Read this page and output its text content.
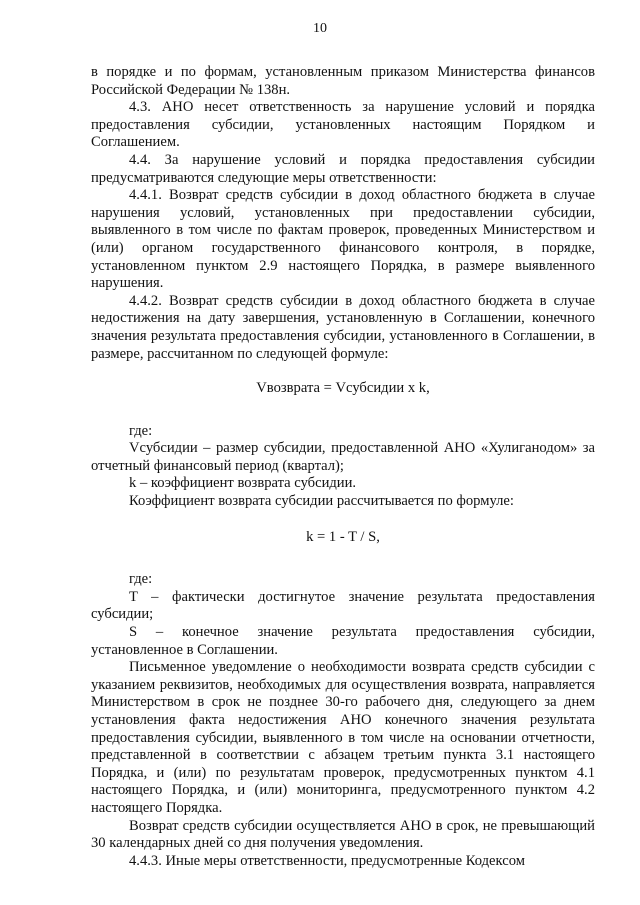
10

в порядке и по формам, установленным приказом Министерства финансов Российской Федерации № 138н.

4.3. АНО несет ответственность за нарушение условий и порядка предоставления субсидии, установленных настоящим Порядком и Соглашением.

4.4. За нарушение условий и порядка предоставления субсидии предусматриваются следующие меры ответственности:

4.4.1. Возврат средств субсидии в доход областного бюджета в случае нарушения условий, установленных при предоставлении субсидии, выявленного в том числе по фактам проверок, проведенных Министерством и (или) органом государственного финансового контроля, в порядке, установленном пунктом 2.9 настоящего Порядка, в размере выявленного нарушения.

4.4.2. Возврат средств субсидии в доход областного бюджета в случае недостижения на дату завершения, установленную в Соглашении, конечного значения результата предоставления субсидии, установленного в Соглашении, в размере, рассчитанном по следующей формуле:

Vвозврата = Vсубсидии x k,

где:

Vсубсидии – размер субсидии, предоставленной АНО «Хулиганодом» за отчетный финансовый период (квартал);

k – коэффициент возврата субсидии.

Коэффициент возврата субсидии рассчитывается по формуле:

k = 1 - T / S,

где:

T – фактически достигнутое значение результата предоставления субсидии;

S – конечное значение результата предоставления субсидии, установленное в Соглашении.

Письменное уведомление о необходимости возврата средств субсидии с указанием реквизитов, необходимых для осуществления возврата, направляется Министерством в срок не позднее 30-го рабочего дня, следующего за днем установления факта недостижения АНО конечного значения результата предоставления субсидии, выявленного в том числе на основании отчетности, представленной в соответствии с абзацем третьим пункта 3.1 настоящего Порядка, и (или) по результатам проверок, предусмотренных пунктом 4.1 настоящего Порядка, и (или) мониторинга, предусмотренного пунктом 4.2 настоящего Порядка.

Возврат средств субсидии осуществляется АНО в срок, не превышающий 30 календарных дней со дня получения уведомления.

4.4.3. Иные меры ответственности, предусмотренные Кодексом
